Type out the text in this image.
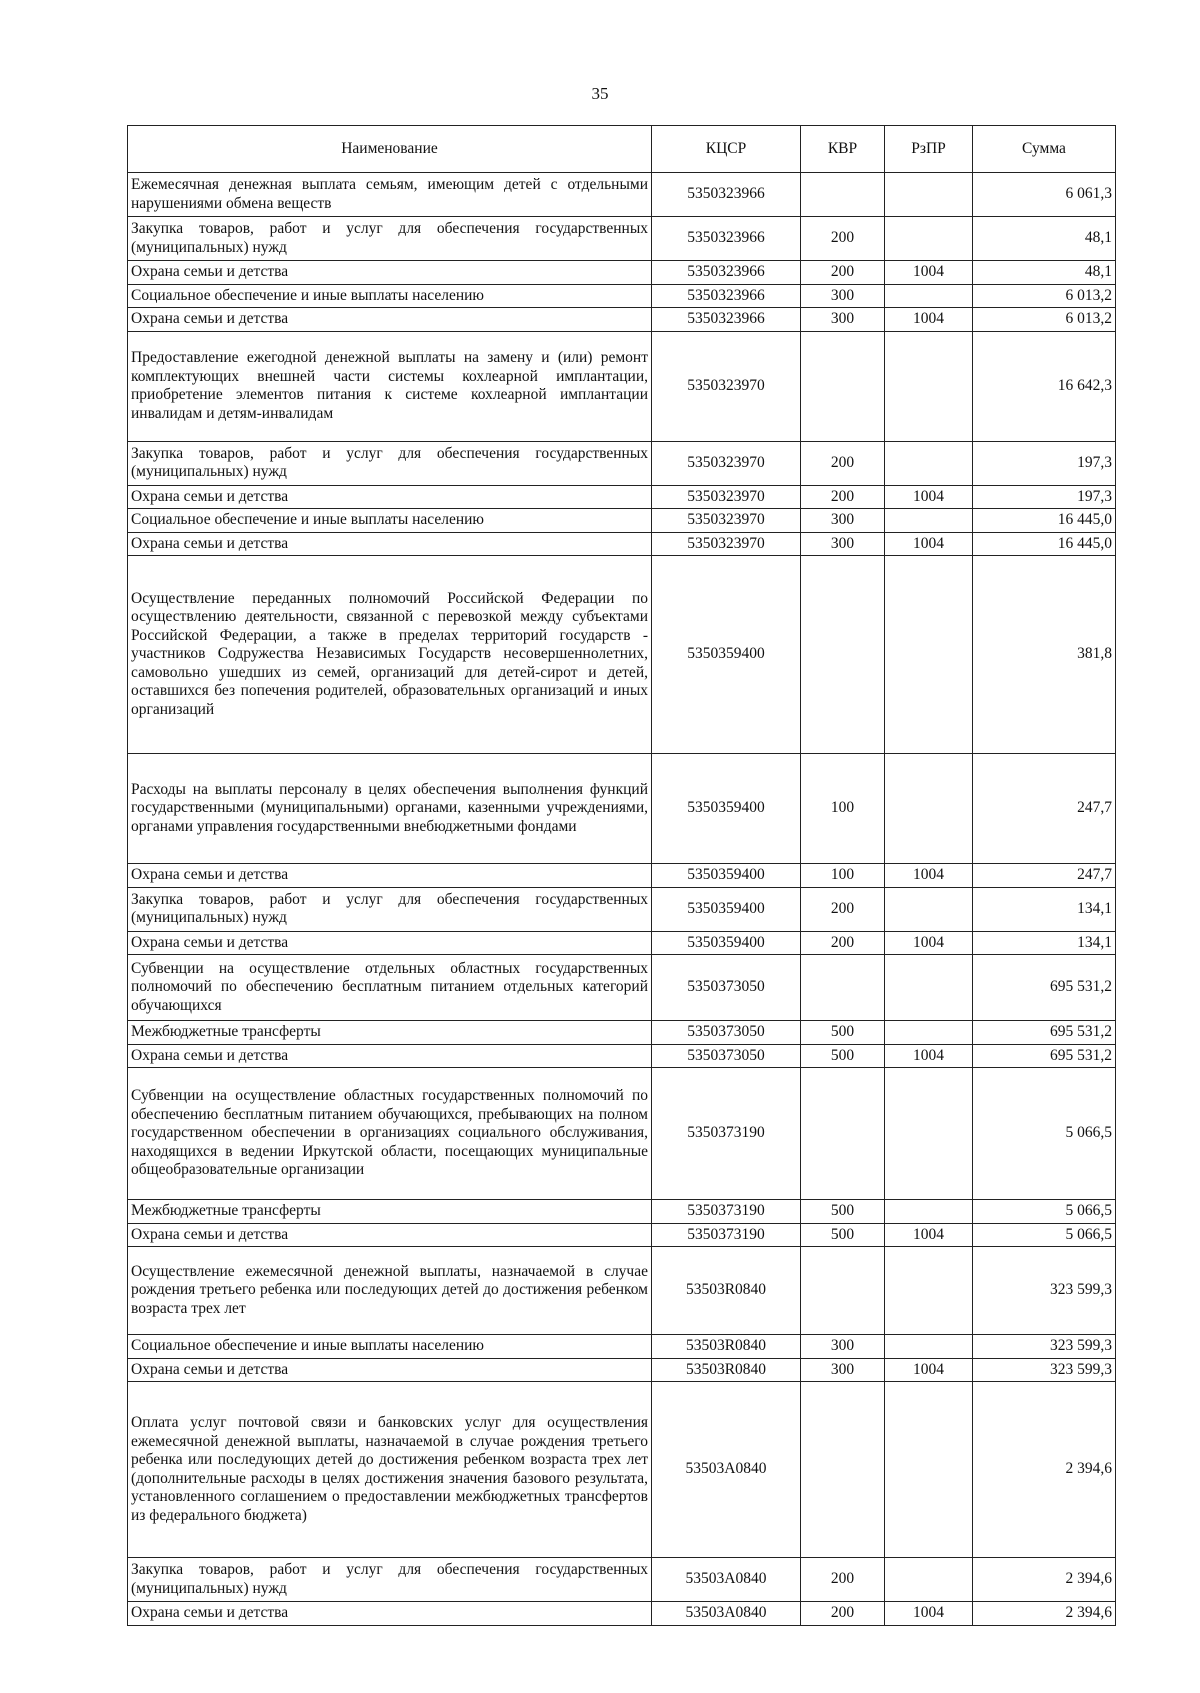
35
Наименование	КЦСР	КВР	РзПР	Сумма
Ежемесячная денежная выплата семьям, имеющим детей с отдельными нарушениями обмена веществ	5350323966			6 061,3
Закупка товаров, работ и услуг для обеспечения государственных (муниципальных) нужд	5350323966	200		48,1
Охрана семьи и детства	5350323966	200	1004	48,1
Социальное обеспечение и иные выплаты населению	5350323966	300		6 013,2
Охрана семьи и детства	5350323966	300	1004	6 013,2
Предоставление ежегодной денежной выплаты на замену и (или) ремонт комплектующих внешней части системы кохлеарной имплантации, приобретение элементов питания к системе кохлеарной имплантации инвалидам и детям-инвалидам	5350323970			16 642,3
Закупка товаров, работ и услуг для обеспечения государственных (муниципальных) нужд	5350323970	200		197,3
Охрана семьи и детства	5350323970	200	1004	197,3
Социальное обеспечение и иные выплаты населению	5350323970	300		16 445,0
Охрана семьи и детства	5350323970	300	1004	16 445,0
Осуществление переданных полномочий Российской Федерации по осуществлению деятельности, связанной с перевозкой между субъектами Российской Федерации, а также в пределах территорий государств - участников Содружества Независимых Государств несовершеннолетних, самовольно ушедших из семей, организаций для детей-сирот и детей, оставшихся без попечения родителей, образовательных организаций и иных организаций	5350359400			381,8
Расходы на выплаты персоналу в целях обеспечения выполнения функций государственными (муниципальными) органами, казенными учреждениями, органами управления государственными внебюджетными фондами	5350359400	100		247,7
Охрана семьи и детства	5350359400	100	1004	247,7
Закупка товаров, работ и услуг для обеспечения государственных (муниципальных) нужд	5350359400	200		134,1
Охрана семьи и детства	5350359400	200	1004	134,1
Субвенции на осуществление отдельных областных государственных полномочий по обеспечению бесплатным питанием отдельных категорий обучающихся	5350373050			695 531,2
Межбюджетные трансферты	5350373050	500		695 531,2
Охрана семьи и детства	5350373050	500	1004	695 531,2
Субвенции на осуществление областных государственных полномочий по обеспечению бесплатным питанием обучающихся, пребывающих на полном государственном обеспечении в организациях социального обслуживания, находящихся в ведении Иркутской области, посещающих муниципальные общеобразовательные организации	5350373190			5 066,5
Межбюджетные трансферты	5350373190	500		5 066,5
Охрана семьи и детства	5350373190	500	1004	5 066,5
Осуществление ежемесячной денежной выплаты, назначаемой в случае рождения третьего ребенка или последующих детей до достижения ребенком возраста трех лет	53503R0840			323 599,3
Социальное обеспечение и иные выплаты населению	53503R0840	300		323 599,3
Охрана семьи и детства	53503R0840	300	1004	323 599,3
Оплата услуг почтовой связи и банковских услуг для осуществления ежемесячной денежной выплаты, назначаемой в случае рождения третьего ребенка или последующих детей до достижения ребенком возраста трех лет (дополнительные расходы в целях достижения значения базового результата, установленного соглашением о предоставлении межбюджетных трансфертов из федерального бюджета)	53503A0840			2 394,6
Закупка товаров, работ и услуг для обеспечения государственных (муниципальных) нужд	53503A0840	200		2 394,6
Охрана семьи и детства	53503A0840	200	1004	2 394,6
